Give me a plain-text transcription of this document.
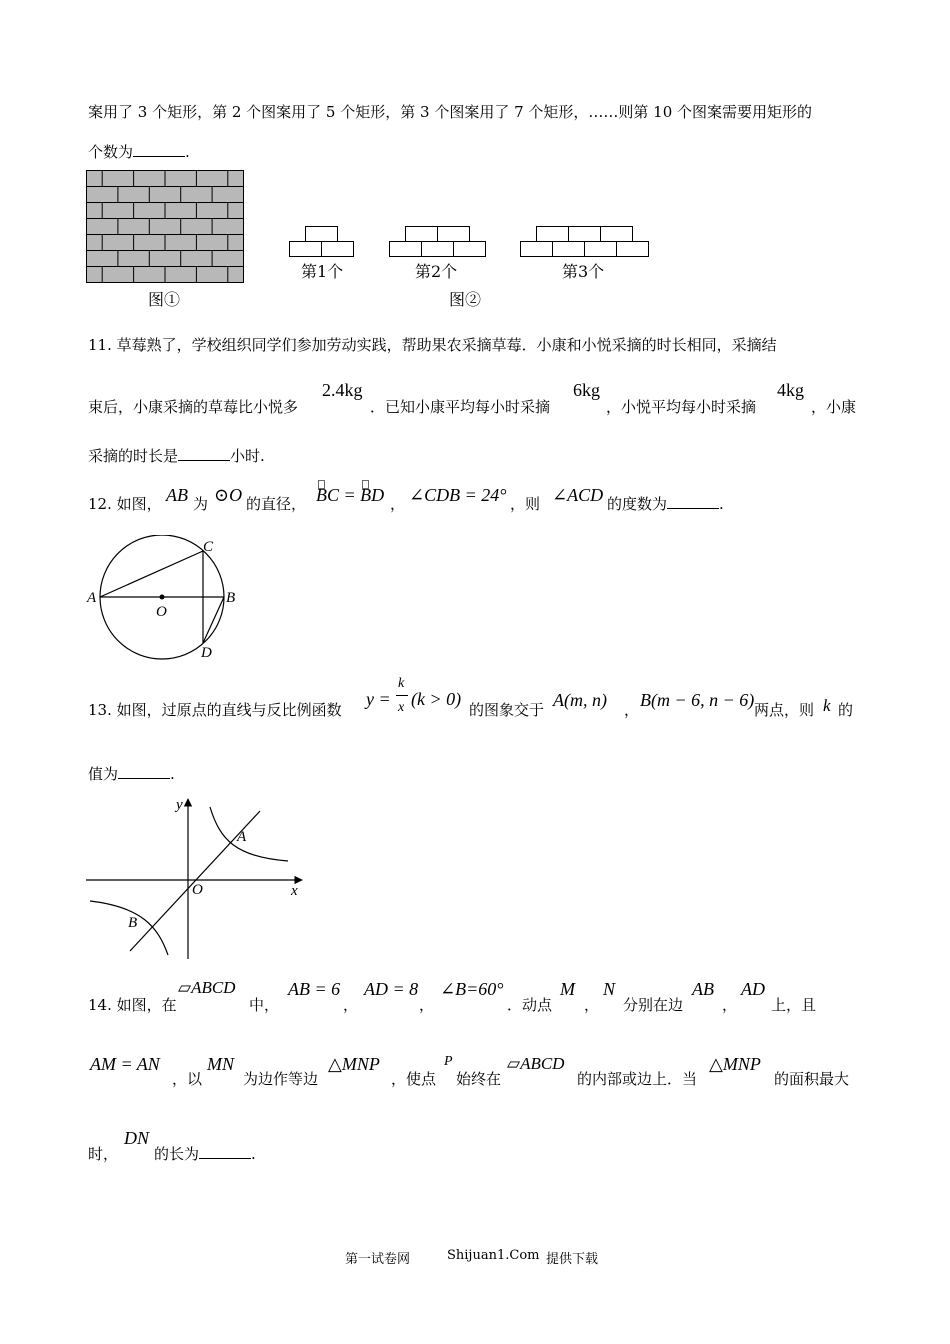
案用了 3 个矩形，第 2 个图案用了 5 个矩形，第 3 个图案用了 7 个矩形，……则第 10 个图案需要用矩形的
个数为	.
图①
第1个	第2个	第3个
图②
11. 草莓熟了，学校组织同学们参加劳动实践，帮助果农采摘草莓．小康和小悦采摘的时长相同，采摘结
束后，小康采摘的草莓比小悦多
2.4kg
．已知小康平均每小时采摘
6kg
，小悦平均每小时采摘
4kg
，小康
采摘的时长是	小时.
12. 如图， AB 为 ⊙O 的直径， BC = BD ， ∠CDB = 24° ，则 ∠ACD 的度数为	.
A
O
B
C
D
13. 如图，过原点的直线与反比例函数
y =
k
x (k > 0)
的图象交于 A(m, n) ， B(m − 6, n − 6) 两点，则 k 的
值为	.
y
x
O
A
B
14. 如图，在
▱ABCD
中，
AB = 6
，
AD = 8
，
∠B=60°
．动点
M
，
N
分别在边
AB
，
AD
上，且
AM = AN
，以
MN
为边作等边
△MNP
，使点
P
始终在
▱ABCD
的内部或边上．当
△MNP
的面积最大
时，
DN
的长为	.
第一试卷网	Shijuan1.Com 提供下载
